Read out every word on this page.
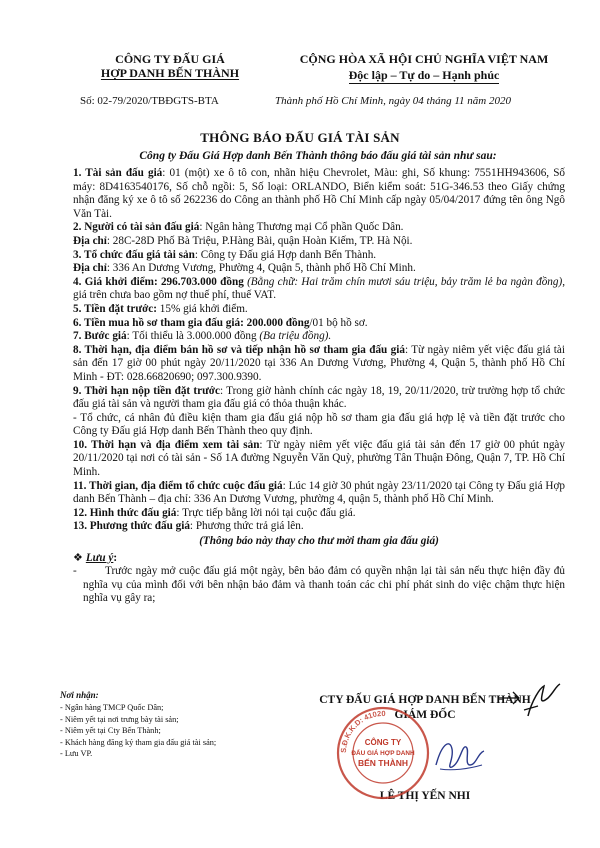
CÔNG TY ĐẤU GIÁ
HỢP DANH BẾN THÀNH
CỘNG HÒA XÃ HỘI CHỦ NGHĨA VIỆT NAM
Độc lập – Tự do – Hạnh phúc
Số: 02-79/2020/TBĐGTS-BTA	Thành phố Hồ Chí Minh, ngày 04 tháng 11 năm 2020
THÔNG BÁO ĐẤU GIÁ TÀI SẢN
Công ty Đấu Giá Hợp danh Bến Thành thông báo đấu giá tài sản như sau:

1. Tài sản đấu giá: 01 (một) xe ô tô con, nhãn hiệu Chevrolet, Màu: ghi, Số khung: 7551HH943606, Số máy: 8D4163540176, Số chỗ ngồi: 5, Số loại: ORLANDO, Biển kiểm soát: 51G-346.53 theo Giấy chứng nhận đăng ký xe ô tô số 262236 do Công an thành phố Hồ Chí Minh cấp ngày 05/04/2017 đứng tên ông Ngô Văn Tài.

2. Người có tài sản đấu giá: Ngân hàng Thương mại Cổ phần Quốc Dân.

Địa chỉ: 28C-28D Phố Bà Triệu, P.Hàng Bài, quận Hoàn Kiếm, TP. Hà Nội.

3. Tổ chức đấu giá tài sản: Công ty Đấu giá Hợp danh Bến Thành.

Địa chỉ: 336 An Dương Vương, Phường 4, Quận 5, thành phố Hồ Chí Minh.

4. Giá khởi điểm: 296.703.000 đồng (Bằng chữ: Hai trăm chín mươi sáu triệu, bảy trăm lẻ ba ngàn đồng), giá trên chưa bao gồm nợ thuế phí, thuế VAT.

5. Tiền đặt trước: 15% giá khởi điểm.

6. Tiền mua hồ sơ tham gia đấu giá: 200.000 đồng/01 bộ hồ sơ.

7. Bước giá: Tối thiểu là 3.000.000 đồng (Ba triệu đồng).

8. Thời hạn, địa điểm bán hồ sơ và tiếp nhận hồ sơ tham gia đấu giá: Từ ngày niêm yết việc đấu giá tài sản đến 17 giờ 00 phút ngày 20/11/2020 tại 336 An Dương Vương, Phường 4, Quận 5, thành phố Hồ Chí Minh - ĐT: 028.66820690; 097.300.9390.

9. Thời hạn nộp tiền đặt trước: Trong giờ hành chính các ngày 18, 19, 20/11/2020, trừ trường hợp tổ chức đấu giá tài sản và người tham gia đấu giá có thỏa thuận khác.

- Tổ chức, cá nhân đủ điều kiện tham gia đấu giá nộp hồ sơ tham gia đấu giá hợp lệ và tiền đặt trước cho Công ty Đấu giá Hợp danh Bến Thành theo quy định.

10. Thời hạn và địa điểm xem tài sản: Từ ngày niêm yết việc đấu giá tài sản đến 17 giờ 00 phút ngày 20/11/2020 tại nơi có tài sản - Số 1A đường Nguyễn Văn Quỳ, phường Tân Thuận Đông, Quận 7, TP. Hồ Chí Minh.

11. Thời gian, địa điểm tổ chức cuộc đấu giá: Lúc 14 giờ 30 phút ngày 23/11/2020 tại Công ty Đấu giá Hợp danh Bến Thành – địa chỉ: 336 An Dương Vương, phường 4, quận 5, thành phố Hồ Chí Minh.

12. Hình thức đấu giá: Trực tiếp bằng lời nói tại cuộc đấu giá.

13. Phương thức đấu giá: Phương thức trả giá lên.

(Thông báo này thay cho thư mời tham gia đấu giá)

❖ Lưu ý:

-	Trước ngày mở cuộc đấu giá một ngày, bên bảo đảm có quyền nhận lại tài sản nếu thực hiện đầy đủ nghĩa vụ của mình đối với bên nhận bảo đảm và thanh toán các chi phí phát sinh do việc chậm thực hiện nghĩa vụ gây ra;

Nơi nhận:
- Ngân hàng TMCP Quốc Dân;
- Niêm yết tại nơi trưng bày tài sản;
- Niêm yết tại Cty Bến Thành;
- Khách hàng đăng ký tham gia đấu giá tài sản;
- Lưu VP.
CTY ĐẤU GIÁ HỢP DANH BẾN THÀNH
GIÁM ĐỐC
LÊ THỊ YẾN NHI
S.Đ.K.K.D: 41020
CÔNG TY
ĐẤU GIÁ HỢP DANH
BẾN THÀNH
